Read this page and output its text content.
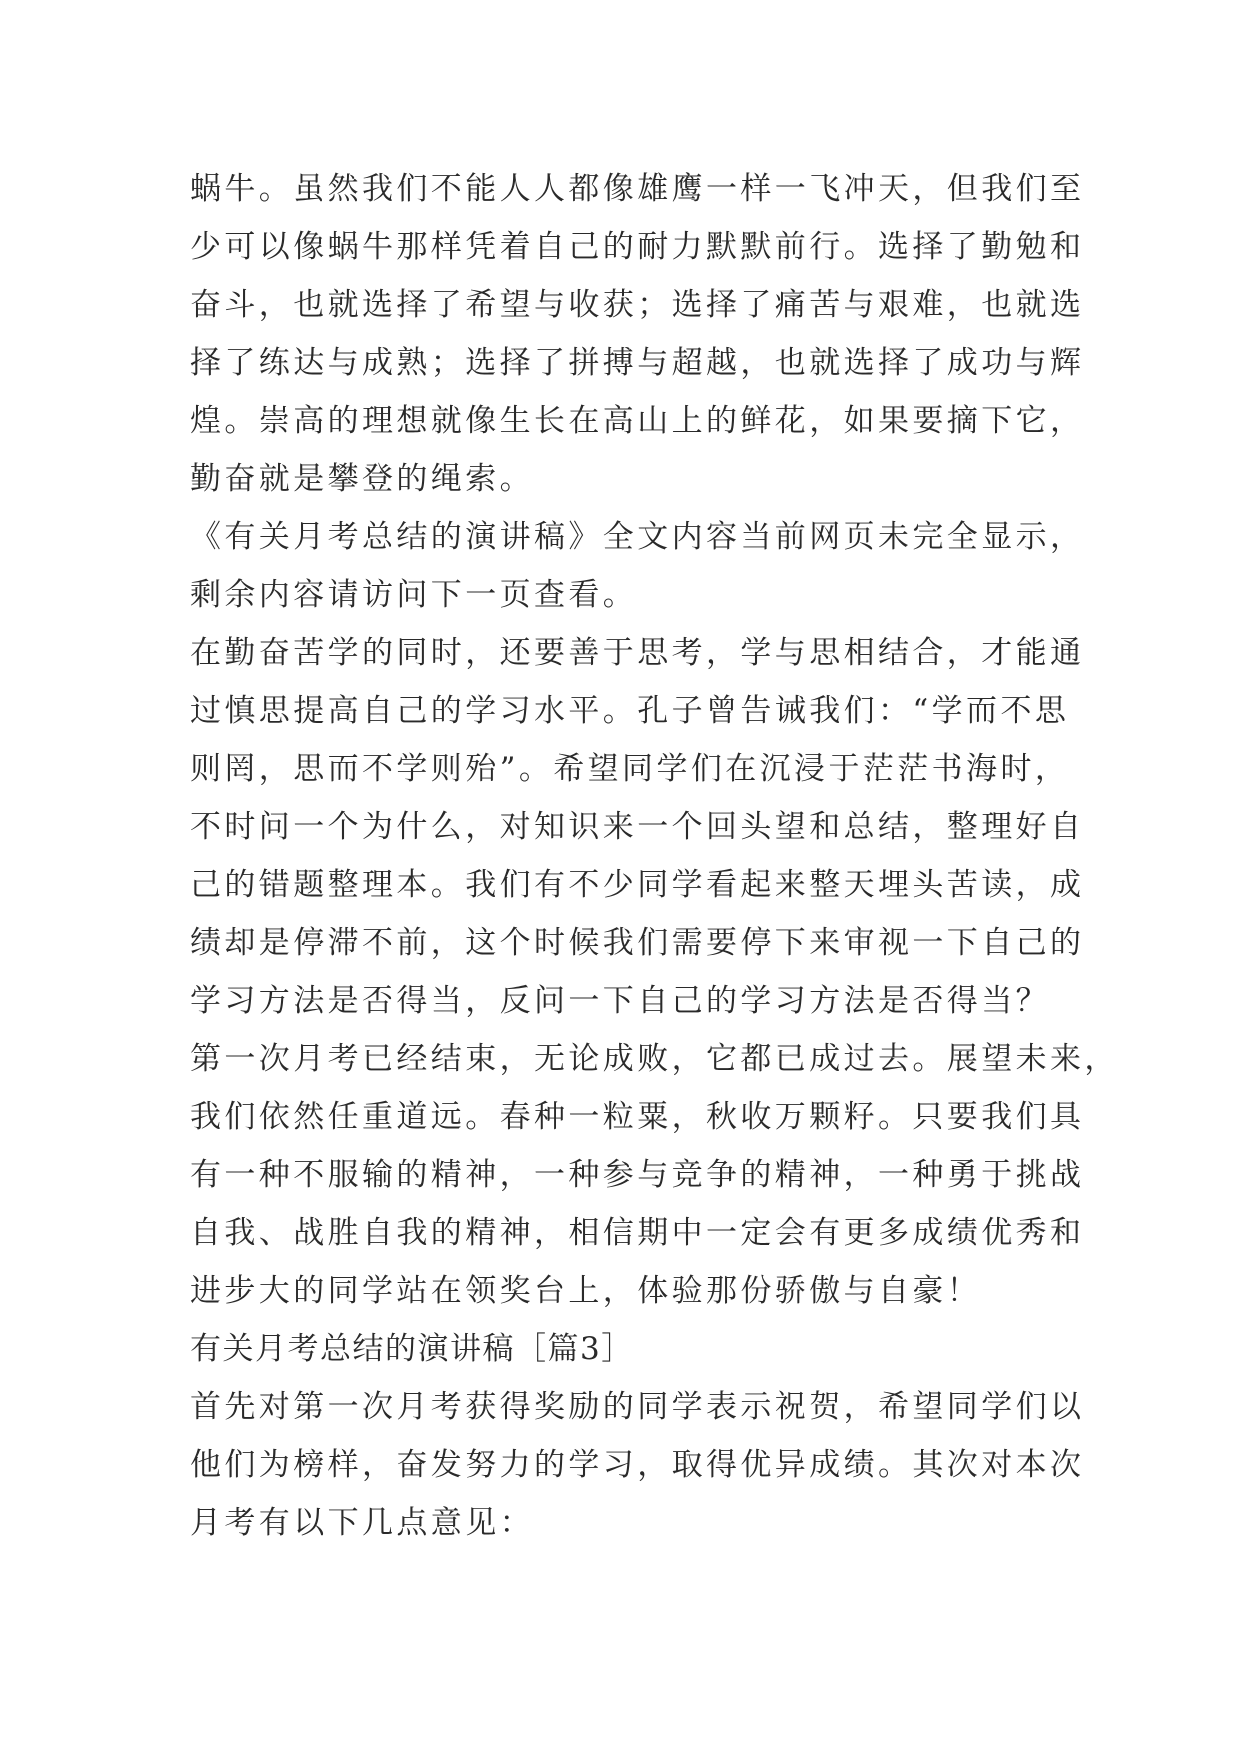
蜗牛。虽然我们不能人人都像雄鹰一样一飞冲天，但我们至
少可以像蜗牛那样凭着自己的耐力默默前行。选择了勤勉和
奋斗，也就选择了希望与收获；选择了痛苦与艰难，也就选
择了练达与成熟；选择了拼搏与超越，也就选择了成功与辉
煌。崇高的理想就像生长在高山上的鲜花，如果要摘下它，
勤奋就是攀登的绳索。
《有关月考总结的演讲稿》全文内容当前网页未完全显示，
剩余内容请访问下一页查看。
在勤奋苦学的同时，还要善于思考，学与思相结合，才能通
过慎思提高自己的学习水平。孔子曾告诫我们：“学而不思
则罔，思而不学则殆”。希望同学们在沉浸于茫茫书海时，
不时问一个为什么，对知识来一个回头望和总结，整理好自
己的错题整理本。我们有不少同学看起来整天埋头苦读，成
绩却是停滞不前，这个时候我们需要停下来审视一下自己的
学习方法是否得当，反问一下自己的学习方法是否得当？
第一次月考已经结束，无论成败，它都已成过去。展望未来，
我们依然任重道远。春种一粒粟，秋收万颗籽。只要我们具
有一种不服输的精神，一种参与竞争的精神，一种勇于挑战
自我、战胜自我的精神，相信期中一定会有更多成绩优秀和
进步大的同学站在领奖台上，体验那份骄傲与自豪！
有关月考总结的演讲稿［篇3］
首先对第一次月考获得奖励的同学表示祝贺，希望同学们以
他们为榜样，奋发努力的学习，取得优异成绩。其次对本次
月考有以下几点意见：
